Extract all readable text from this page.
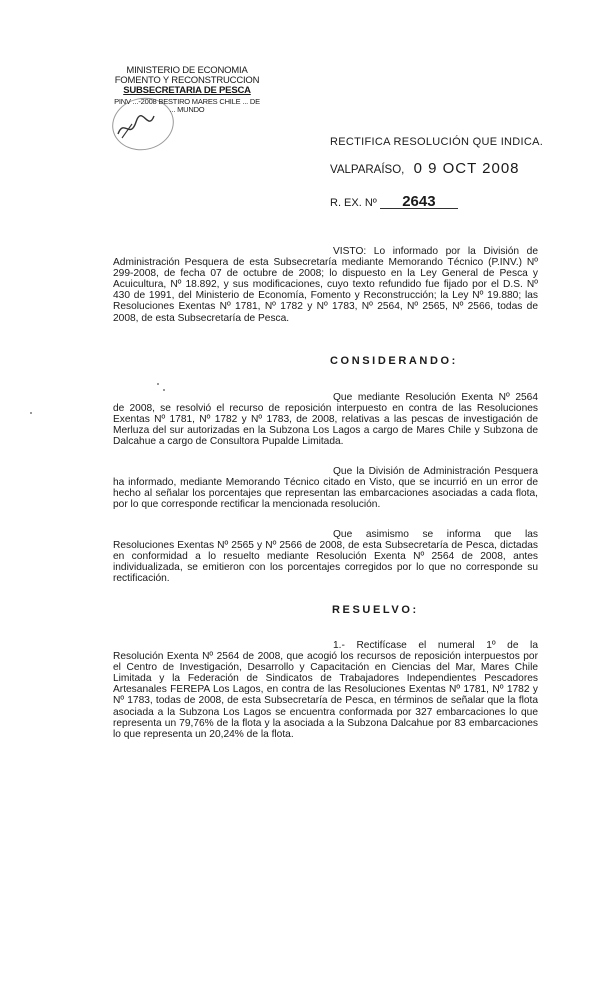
MINISTERIO DE ECONOMIA
FOMENTO Y RECONSTRUCCION
SUBSECRETARIA DE PESCA
PINV ...-2008 BESTIRO MARES CHILE ... DE ... MUNDO
RECTIFICA RESOLUCIÓN QUE INDICA.
VALPARAÍSO, 0 9 OCT 2008
R. EX. Nº 2643
VISTO: Lo informado por la División de Administración Pesquera de esta Subsecretaría mediante Memorando Técnico (P.INV.) Nº 299-2008, de fecha 07 de octubre de 2008; lo dispuesto en la Ley General de Pesca y Acuicultura, Nº 18.892, y sus modificaciones, cuyo texto refundido fue fijado por el D.S. Nº 430 de 1991, del Ministerio de Economía, Fomento y Reconstrucción; la Ley Nº 19.880; las Resoluciones Exentas Nº 1781, Nº 1782 y Nº 1783, Nº 2564, Nº 2565, Nº 2566, todas de 2008, de esta Subsecretaría de Pesca.
CONSIDERANDO:
Que mediante Resolución Exenta Nº 2564 de 2008, se resolvió el recurso de reposición interpuesto en contra de las Resoluciones Exentas Nº 1781, Nº 1782 y Nº 1783, de 2008, relativas a las pescas de investigación de Merluza del sur autorizadas en la Subzona Los Lagos a cargo de Mares Chile y Subzona de Dalcahue a cargo de Consultora Pupalde Limitada.
Que la División de Administración Pesquera ha informado, mediante Memorando Técnico citado en Visto, que se incurrió en un error de hecho al señalar los porcentajes que representan las embarcaciones asociadas a cada flota, por lo que corresponde rectificar la mencionada resolución.
Que asimismo se informa que las Resoluciones Exentas Nº 2565 y Nº 2566 de 2008, de esta Subsecretaría de Pesca, dictadas en conformidad a lo resuelto mediante Resolución Exenta Nº 2564 de 2008, antes individualizada, se emitieron con los porcentajes corregidos por lo que no corresponde su rectificación.
RESUELVO:
1.- Rectifícase el numeral 1º de la Resolución Exenta Nº 2564 de 2008, que acogió los recursos de reposición interpuestos por el Centro de Investigación, Desarrollo y Capacitación en Ciencias del Mar, Mares Chile Limitada y la Federación de Sindicatos de Trabajadores Independientes Pescadores Artesanales FEREPA Los Lagos, en contra de las Resoluciones Exentas Nº 1781, Nº 1782 y Nº 1783, todas de 2008, de esta Subsecretaría de Pesca, en términos de señalar que la flota asociada a la Subzona Los Lagos se encuentra conformada por 327 embarcaciones lo que representa un 79,76% de la flota y la asociada a la Subzona Dalcahue por 83 embarcaciones lo que representa un 20,24% de la flota.
